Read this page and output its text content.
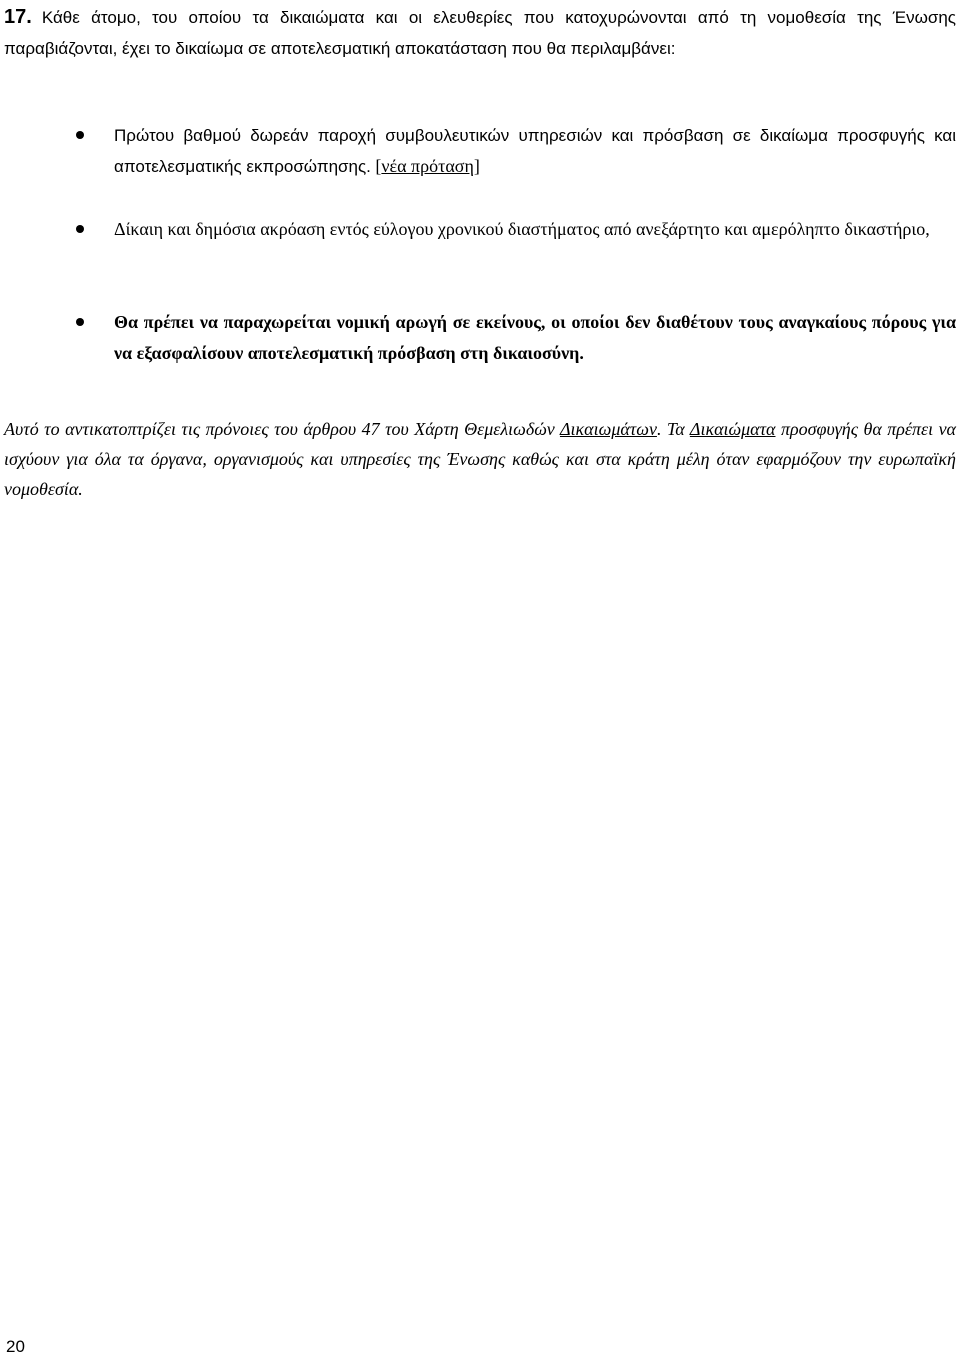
17. Κάθε άτομο, του οποίου τα δικαιώματα και οι ελευθερίες που κατοχυρώνονται από τη νομοθεσία της Ένωσης παραβιάζονται, έχει το δικαίωμα σε αποτελεσματική αποκατάσταση που θα περιλαμβάνει:
Πρώτου βαθμού δωρεάν παροχή συμβουλευτικών υπηρεσιών και πρόσβαση σε δικαίωμα προσφυγής και αποτελεσματικής εκπροσώπησης. [νέα πρόταση]
Δίκαιη και δημόσια ακρόαση εντός εύλογου χρονικού διαστήματος από ανεξάρτητο και αμερόληπτο δικαστήριο,
Θα πρέπει να παραχωρείται νομική αρωγή σε εκείνους, οι οποίοι δεν διαθέτουν τους αναγκαίους πόρους για να εξασφαλίσουν αποτελεσματική πρόσβαση στη δικαιοσύνη.
Αυτό το αντικατοπτρίζει τις πρόνοιες του άρθρου 47 του Χάρτη Θεμελιωδών Δικαιωμάτων. Τα Δικαιώματα προσφυγής θα πρέπει να ισχύουν για όλα τα όργανα, οργανισμούς και υπηρεσίες της Ένωσης καθώς και στα κράτη μέλη όταν εφαρμόζουν την ευρωπαϊκή νομοθεσία.
20
